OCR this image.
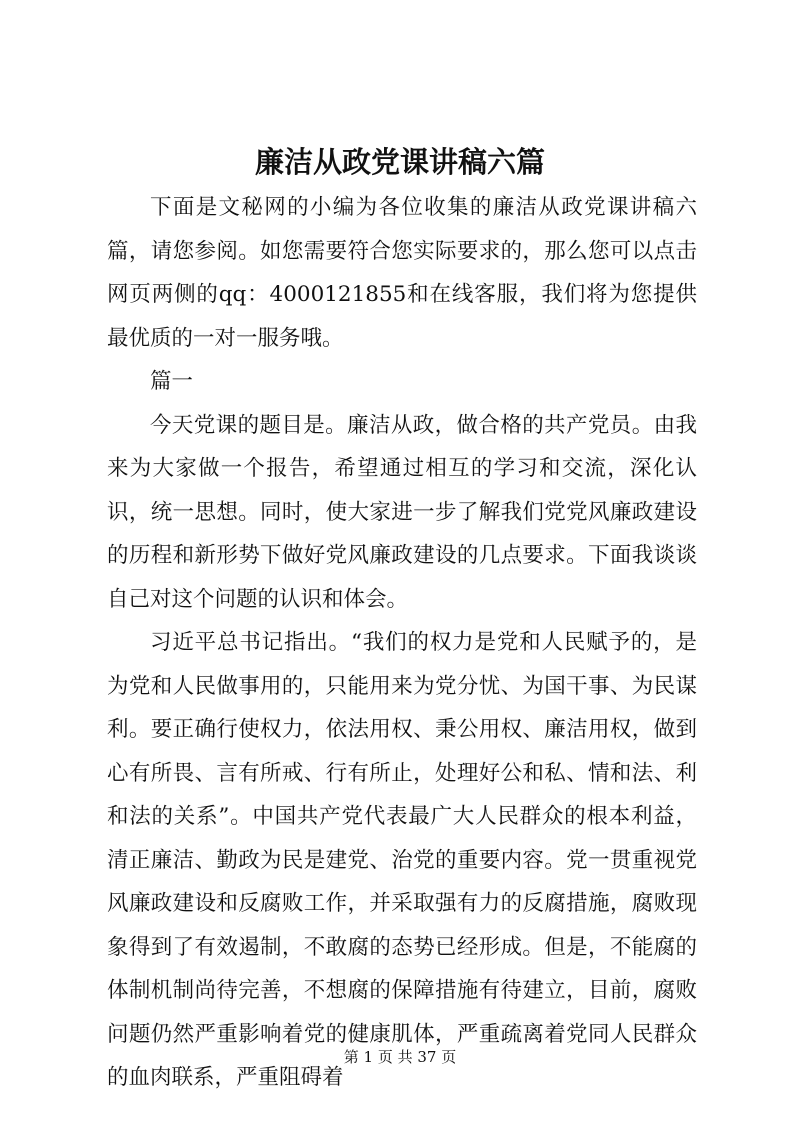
廉洁从政党课讲稿六篇

下面是文秘网的小编为各位收集的廉洁从政党课讲稿六篇，请您参阅。如您需要符合您实际要求的，那么您可以点击网页两侧的qq：4000121855和在线客服，我们将为您提供最优质的一对一服务哦。

篇一

今天党课的题目是。廉洁从政，做合格的共产党员。由我来为大家做一个报告，希望通过相互的学习和交流，深化认识，统一思想。同时，使大家进一步了解我们党党风廉政建设的历程和新形势下做好党风廉政建设的几点要求。下面我谈谈自己对这个问题的认识和体会。

习近平总书记指出。“我们的权力是党和人民赋予的，是为党和人民做事用的，只能用来为党分忧、为国干事、为民谋利。要正确行使权力，依法用权、秉公用权、廉洁用权，做到心有所畏、言有所戒、行有所止，处理好公和私、情和法、利和法的关系”。中国共产党代表最广大人民群众的根本利益，清正廉洁、勤政为民是建党、治党的重要内容。党一贯重视党风廉政建设和反腐败工作，并采取强有力的反腐措施，腐败现象得到了有效遏制，不敢腐的态势已经形成。但是，不能腐的体制机制尚待完善，不想腐的保障措施有待建立，目前，腐败问题仍然严重影响着党的健康肌体，严重疏离着党同人民群众的血肉联系，严重阻碍着

第 1 页 共 37 页
